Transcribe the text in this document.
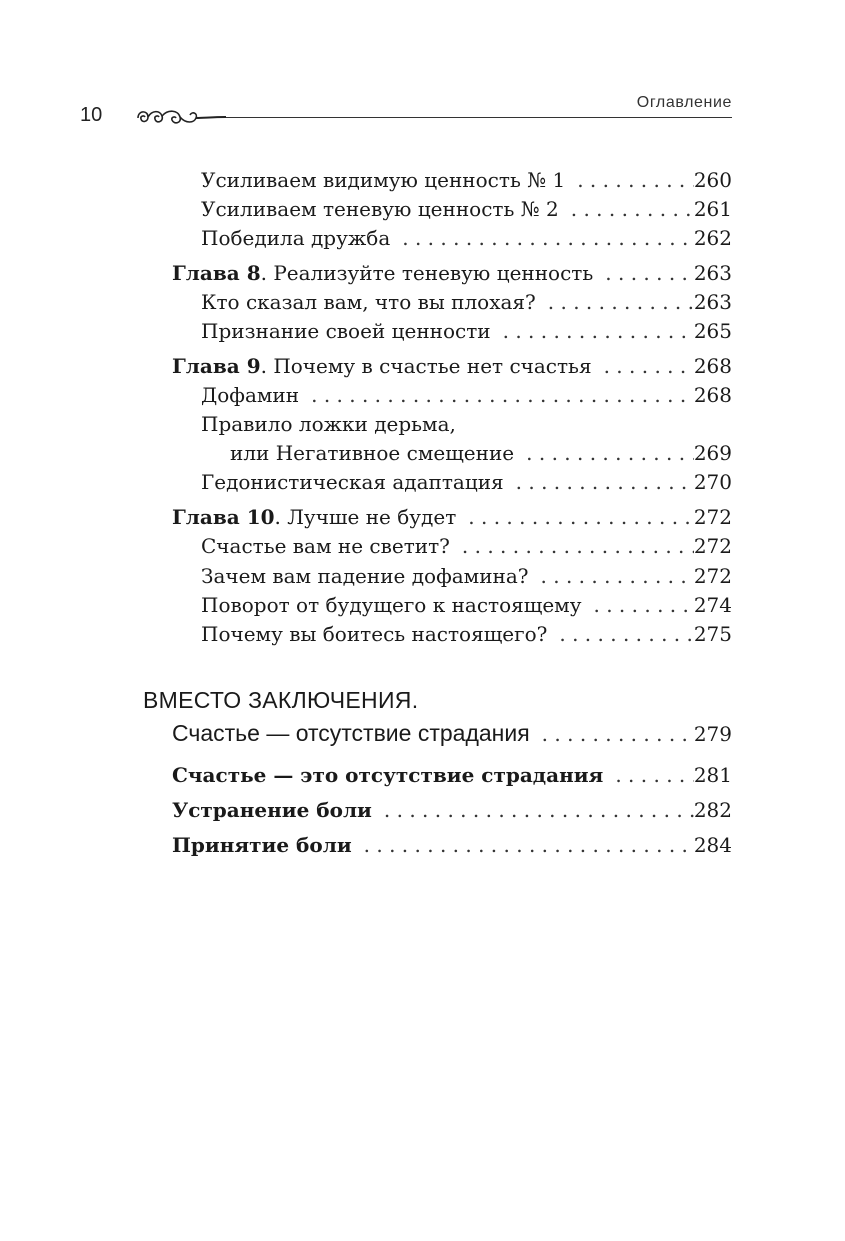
10
Оглавление
Усиливаем видимую ценность № 1 . . .	260
Усиливаем теневую ценность № 2 . . .	261
Победила дружба . . .	262
Глава 8. Реализуйте теневую ценность . . .	263
Кто сказал вам, что вы плохая? . . .	263
Признание своей ценности . . .	265
Глава 9. Почему в счастье нет счастья . . .	268
Дофамин . . .	268
Правило ложки дерьма,
или Негативное смещение . . .	269
Гедонистическая адаптация . . .	270
Глава 10. Лучше не будет . . .	272
Счастье вам не светит? . . .	272
Зачем вам падение дофамина? . . .	272
Поворот от будущего к настоящему . . .	274
Почему вы боитесь настоящего? . . .	275
ВМЕСТО ЗАКЛЮЧЕНИЯ.
Счастье — отсутствие страдания . . .	279
Счастье — это отсутствие страдания . . .	281
Устранение боли . . .	282
Принятие боли . . .	284
